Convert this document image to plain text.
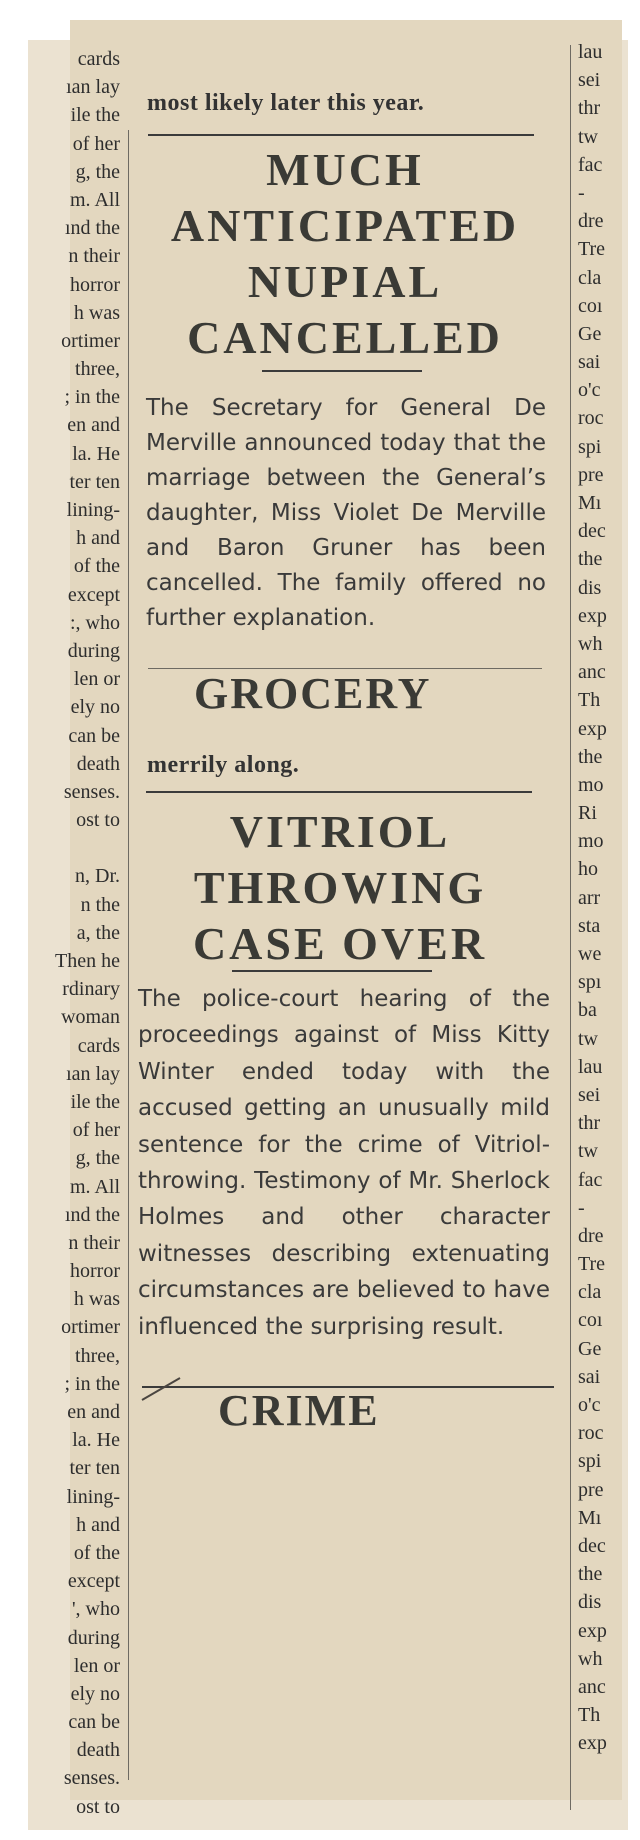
cards
ıan lay
ile the
of her
g, the
m. All
ınd the
n their
horror
h was
ortimer
three,
; in the
en and
la. He
ter ten
lining-
h and
of the
except
:, who
during
len or
ely no
can be
death
senses.
ost to
n, Dr.
n the
a, the
Then he
rdinary
woman
cards
ıan lay
ile the
of her
g, the
m. All
ınd the
n their
horror
h was
ortimer
three,
; in the
en and
la. He
ter ten
lining-
h and
of the
except
', who
during
len or
ely no
can be
death
senses.
ost to
lau
sei
thr
tw
fac
-
dre
Tre
cla
coı
Ge
sai
o'c
roc
spi
pre
Mı
dec
the
dis
exp
wh
anc
Th
exp
the
mo
Ri
mo
ho
arr
sta
we
spı
ba
tw
lau
sei
thr
tw
fac
-
dre
Tre
cla
coı
Ge
sai
o'c
roc
spi
pre
Mı
dec
the
dis
exp
wh
anc
Th
exp
most likely later this year.
MUCH
ANTICIPATED
NUPIAL
CANCELLED
The Secretary for General De Merville announced today that the marriage between the General’s daughter, Miss Violet De Merville and Baron Gruner has been cancelled. The family offered no further explanation.
GROCERY
merrily along.
VITRIOL
THROWING
CASE OVER
The police-court hearing of the proceedings against of Miss Kitty Winter ended today with the accused getting an unusually mild sentence for the crime of Vitriol-throwing. Testimony of Mr. Sherlock Holmes and other character witnesses describing extenuating circumstances are believed to have influenced the surprising result.
CRIME
